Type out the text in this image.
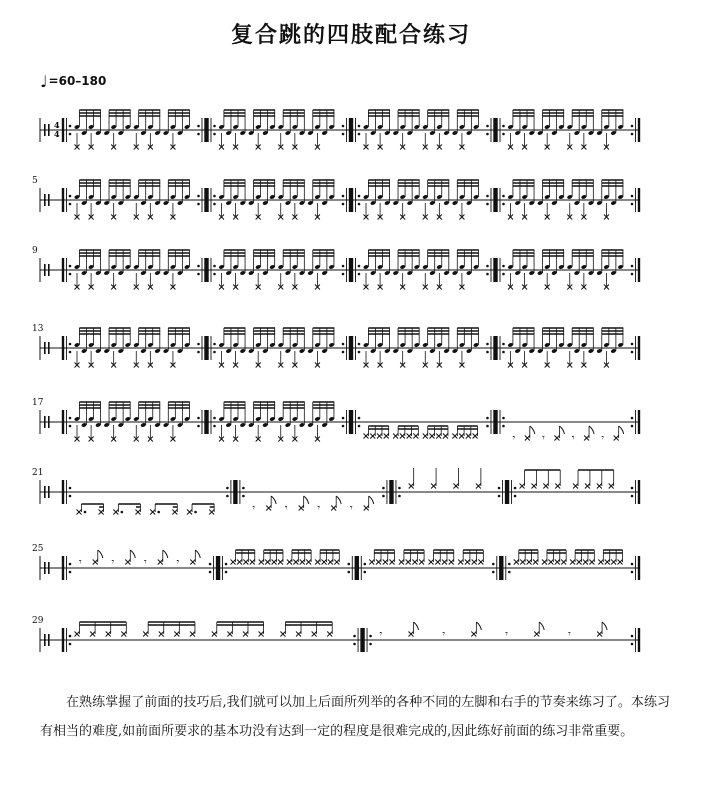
复合跳的四肢配合练习
♩=60–180
4
4
5
9
13
17
𝄾	𝄾	𝄾	𝄾
21
𝄾	𝄾	𝄾	𝄾
25
𝄾	𝄾	𝄾	𝄾
29
𝄾	𝄾	𝄾	𝄾
在熟练掌握了前面的技巧后,我们就可以加上后面所列举的各种不同的左脚和右手的节奏来练习了。本练习有相当的难度,如前面所要求的基本功没有达到一定的程度是很难完成的,因此练好前面的练习非常重要。
